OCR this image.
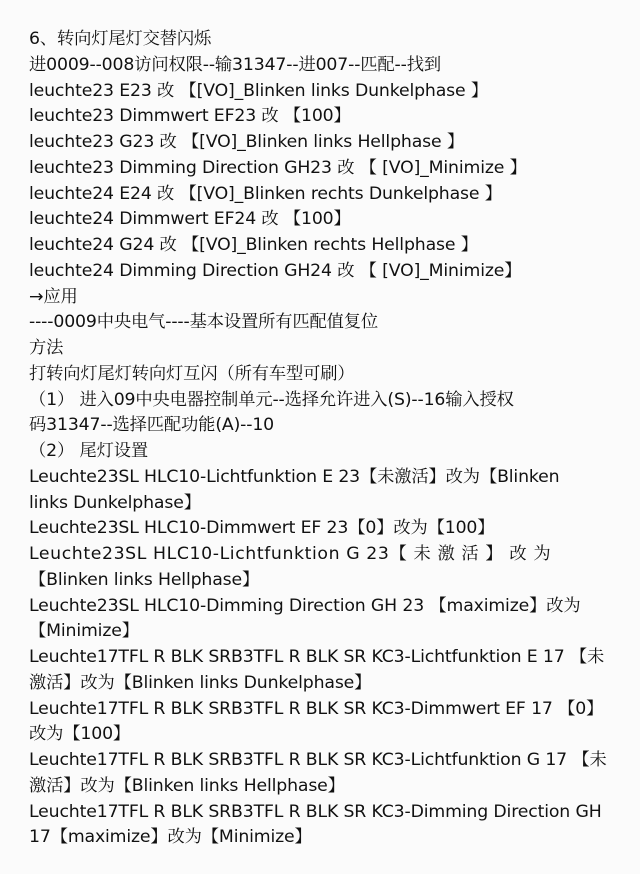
6、转向灯尾灯交替闪烁
进0009--008访问权限--输31347--进007--匹配--找到
leuchte23 E23 改 【[VO]_Blinken links Dunkelphase 】
leuchte23 Dimmwert EF23 改 【100】
leuchte23 G23 改 【[VO]_Blinken links Hellphase 】
leuchte23 Dimming Direction GH23 改 【 [VO]_Minimize 】
leuchte24 E24 改 【[VO]_Blinken rechts Dunkelphase 】
leuchte24 Dimmwert EF24 改 【100】
leuchte24 G24 改 【[VO]_Blinken rechts Hellphase 】
leuchte24 Dimming Direction GH24 改 【 [VO]_Minimize】
→应用
----0009中央电气----基本设置所有匹配值复位
方法
打转向灯尾灯转向灯互闪（所有车型可刷）
（1） 进入09中央电器控制单元--选择允许进入(S)--16输入授权
码31347--选择匹配功能(A)--10
（2） 尾灯设置
Leuchte23SL HLC10-Lichtfunktion E 23【未激活】改为【Blinken
links Dunkelphase】
Leuchte23SL HLC10-Dimmwert EF 23【0】改为【100】
Leuchte23SL HLC10-Lichtfunktion G 23【 未 激 活 】 改 为
【Blinken links Hellphase】
Leuchte23SL HLC10-Dimming Direction GH 23 【maximize】改为
【Minimize】
Leuchte17TFL R BLK SRB3TFL R BLK SR KC3-Lichtfunktion E 17 【未
激活】改为【Blinken links Dunkelphase】
Leuchte17TFL R BLK SRB3TFL R BLK SR KC3-Dimmwert EF 17 【0】
改为【100】
Leuchte17TFL R BLK SRB3TFL R BLK SR KC3-Lichtfunktion G 17 【未
激活】改为【Blinken links Hellphase】
Leuchte17TFL R BLK SRB3TFL R BLK SR KC3-Dimming Direction GH
17【maximize】改为【Minimize】
